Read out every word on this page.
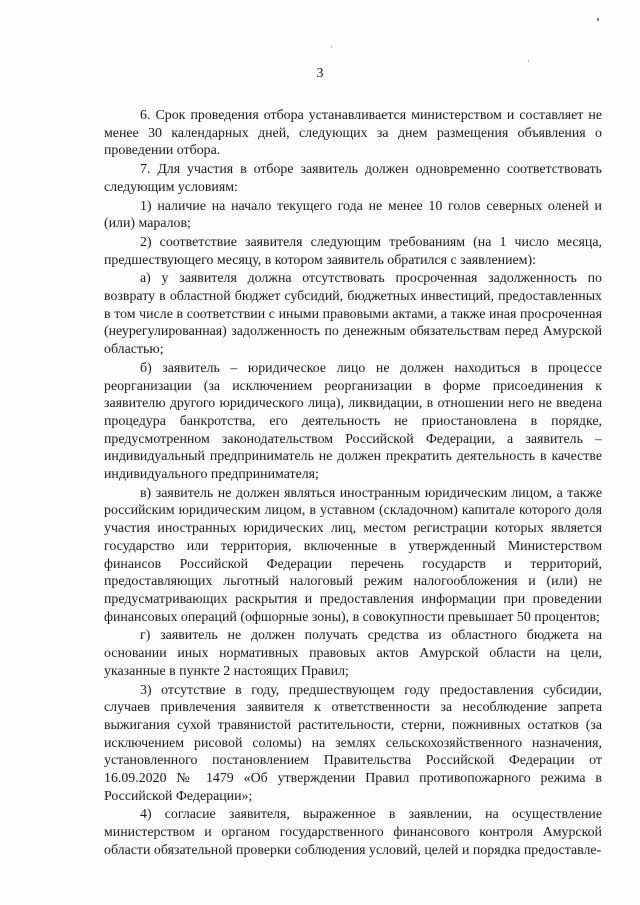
3

6. Срок проведения отбора устанавливается министерством и составляет не менее 30 календарных дней, следующих за днем размещения объявления о проведении отбора.

7. Для участия в отборе заявитель должен одновременно соответствовать следующим условиям:

1) наличие на начало текущего года не менее 10 голов северных оленей и (или) маралов;

2) соответствие заявителя следующим требованиям (на 1 число месяца, предшествующего месяцу, в котором заявитель обратился с заявлением):

а) у заявителя должна отсутствовать просроченная задолженность по возврату в областной бюджет субсидий, бюджетных инвестиций, предоставленных в том числе в соответствии с иными правовыми актами, а также иная просроченная (неурегулированная) задолженность по денежным обязательствам перед Амурской областью;

б) заявитель – юридическое лицо не должен находиться в процессе реорганизации (за исключением реорганизации в форме присоединения к заявителю другого юридического лица), ликвидации, в отношении него не введена процедура банкротства, его деятельность не приостановлена в порядке, предусмотренном законодательством Российской Федерации, а заявитель – индивидуальный предприниматель не должен прекратить деятельность в качестве индивидуального предпринимателя;

в) заявитель не должен являться иностранным юридическим лицом, а также российским юридическим лицом, в уставном (складочном) капитале которого доля участия иностранных юридических лиц, местом регистрации которых является государство или территория, включенные в утвержденный Министерством финансов Российской Федерации перечень государств и территорий, предоставляющих льготный налоговый режим налогообложения и (или) не предусматривающих раскрытия и предоставления информации при проведении финансовых операций (офшорные зоны), в совокупности превышает 50 процентов;

г) заявитель не должен получать средства из областного бюджета на основании иных нормативных правовых актов Амурской области на цели, указанные в пункте 2 настоящих Правил;

3) отсутствие в году, предшествующем году предоставления субсидии, случаев привлечения заявителя к ответственности за несоблюдение запрета выжигания сухой травянистой растительности, стерни, пожнивных остатков (за исключением рисовой соломы) на землях сельскохозяйственного назначения, установленного постановлением Правительства Российской Федерации от 16.09.2020 № 1479 «Об утверждении Правил противопожарного режима в Российской Федерации»;

4) согласие заявителя, выраженное в заявлении, на осуществление министерством и органом государственного финансового контроля Амурской области обязательной проверки соблюдения условий, целей и порядка предоставле-
